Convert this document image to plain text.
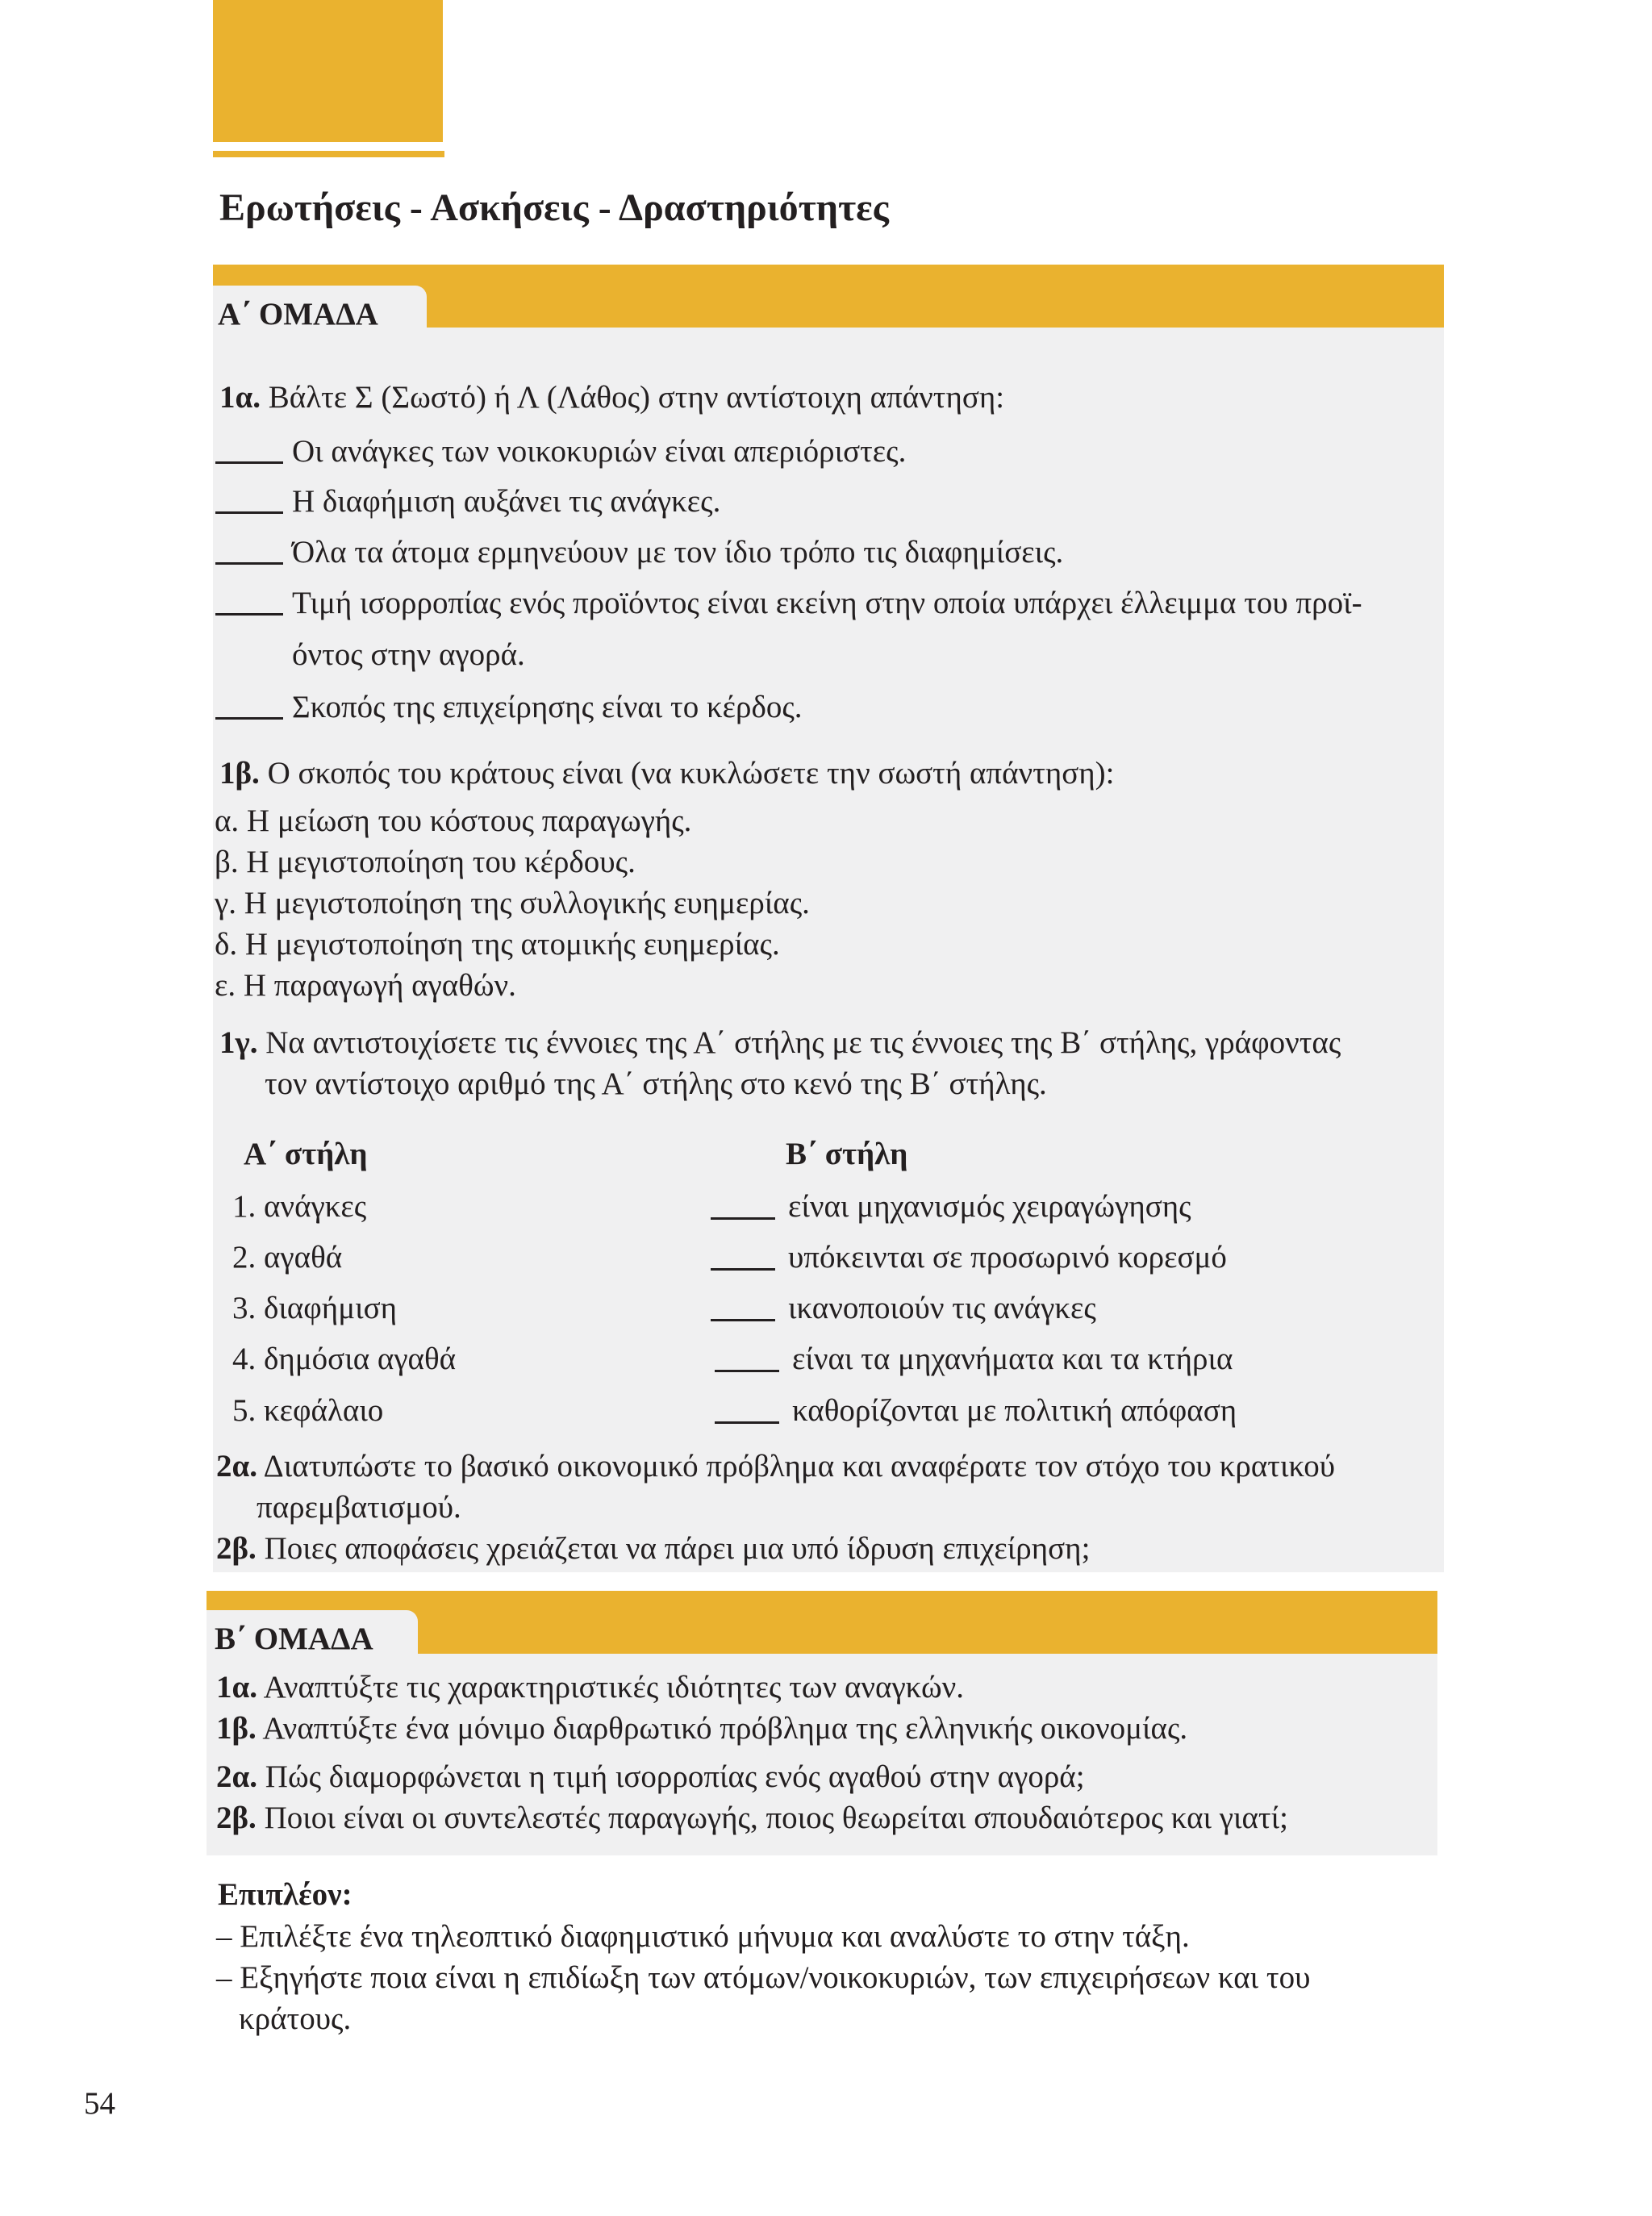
Ερωτήσεις - Ασκήσεις - Δραστηριότητες
Α΄ ΟΜΑΔΑ
1α. Βάλτε Σ (Σωστό) ή Λ (Λάθος) στην αντίστοιχη απάντηση:
Οι ανάγκες των νοικοκυριών είναι απεριόριστες.
Η διαφήμιση αυξάνει τις ανάγκες.
Όλα τα άτομα ερμηνεύουν με τον ίδιο τρόπο τις διαφημίσεις.
Τιμή ισορροπίας ενός προϊόντος είναι εκείνη στην οποία υπάρχει έλλειμμα του προϊ-
όντος στην αγορά.
Σκοπός της επιχείρησης είναι το κέρδος.
1β. Ο σκοπός του κράτους είναι (να κυκλώσετε την σωστή απάντηση):
α. Η μείωση του κόστους παραγωγής.
β. Η μεγιστοποίηση του κέρδους.
γ. Η μεγιστοποίηση της συλλογικής ευημερίας.
δ. Η μεγιστοποίηση της ατομικής ευημερίας.
ε. Η παραγωγή αγαθών.
1γ. Να αντιστοιχίσετε τις έννοιες της Α΄ στήλης με τις έννοιες της Β΄ στήλης, γράφοντας
τον αντίστοιχο αριθμό της Α΄ στήλης στο κενό της Β΄ στήλης.
Α΄ στήλη	Β΄ στήλη
1. ανάγκες
2. αγαθά
3. διαφήμιση
4. δημόσια αγαθά
5. κεφάλαιο
είναι μηχανισμός χειραγώγησης
υπόκεινται σε προσωρινό κορεσμό
ικανοποιούν τις ανάγκες
είναι τα μηχανήματα και τα κτήρια
καθορίζονται με πολιτική απόφαση
2α. Διατυπώστε το βασικό οικονομικό πρόβλημα και αναφέρατε τον στόχο του κρατικού
παρεμβατισμού.
2β. Ποιες αποφάσεις χρειάζεται να πάρει μια υπό ίδρυση επιχείρηση;
Β΄ ΟΜΑΔΑ
1α. Αναπτύξτε τις χαρακτηριστικές ιδιότητες των αναγκών.
1β. Αναπτύξτε ένα μόνιμο διαρθρωτικό πρόβλημα της ελληνικής οικονομίας.
2α. Πώς διαμορφώνεται η τιμή ισορροπίας ενός αγαθού στην αγορά;
2β. Ποιοι είναι οι συντελεστές παραγωγής, ποιος θεωρείται σπουδαιότερος και γιατί;
Επιπλέον:
– Επιλέξτε ένα τηλεοπτικό διαφημιστικό μήνυμα και αναλύστε το στην τάξη.
– Εξηγήστε ποια είναι η επιδίωξη των ατόμων/νοικοκυριών, των επιχειρήσεων και του
κράτους.
54
